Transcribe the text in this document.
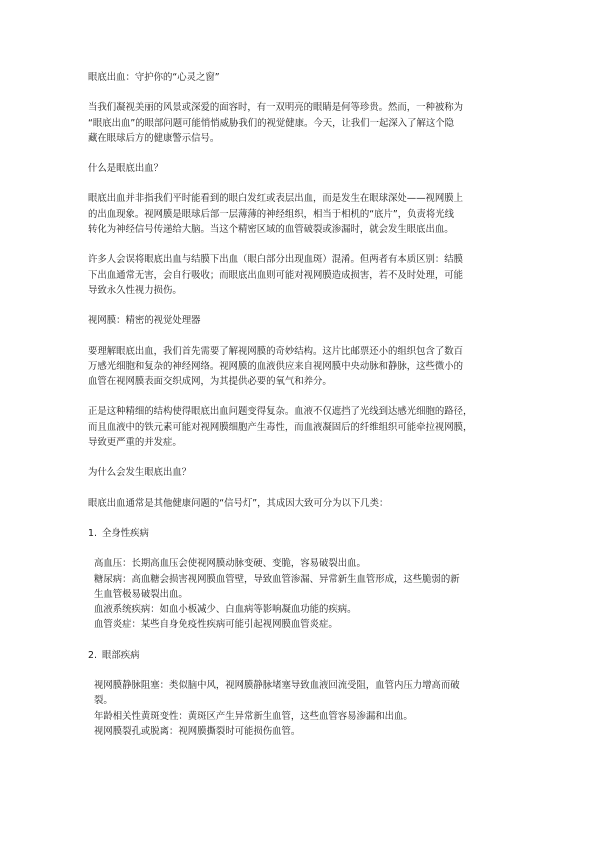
眼底出血：守护你的“心灵之窗”

当我们凝视美丽的风景或深爱的面容时，有一双明亮的眼睛是何等珍贵。然而，一种被称为

“眼底出血”的眼部问题可能悄悄威胁我们的视觉健康。今天，让我们一起深入了解这个隐

藏在眼球后方的健康警示信号。

什么是眼底出血？

眼底出血并非指我们平时能看到的眼白发红或表层出血，而是发生在眼球深处——视网膜上

的出血现象。视网膜是眼球后部一层薄薄的神经组织，相当于相机的“底片”，负责将光线

转化为神经信号传递给大脑。当这个精密区域的血管破裂或渗漏时，就会发生眼底出血。

许多人会误将眼底出血与结膜下出血（眼白部分出现血斑）混淆。但两者有本质区别：结膜

下出血通常无害，会自行吸收；而眼底出血则可能对视网膜造成损害，若不及时处理，可能

导致永久性视力损伤。

视网膜：精密的视觉处理器

要理解眼底出血，我们首先需要了解视网膜的奇妙结构。这片比邮票还小的组织包含了数百

万感光细胞和复杂的神经网络。视网膜的血液供应来自视网膜中央动脉和静脉，这些微小的

血管在视网膜表面交织成网，为其提供必要的氧气和养分。

正是这种精细的结构使得眼底出血问题变得复杂。血液不仅遮挡了光线到达感光细胞的路径，

而且血液中的铁元素可能对视网膜细胞产生毒性，而血液凝固后的纤维组织可能牵拉视网膜，

导致更严重的并发症。

为什么会发生眼底出血？

眼底出血通常是其他健康问题的“信号灯”，其成因大致可分为以下几类：

1. 全身性疾病

高血压：长期高血压会使视网膜动脉变硬、变脆，容易破裂出血。

糖尿病：高血糖会损害视网膜血管壁，导致血管渗漏、异常新生血管形成，这些脆弱的新

生血管极易破裂出血。

血液系统疾病：如血小板减少、白血病等影响凝血功能的疾病。

血管炎症：某些自身免疫性疾病可能引起视网膜血管炎症。

2. 眼部疾病

视网膜静脉阻塞：类似脑中风，视网膜静脉堵塞导致血液回流受阻，血管内压力增高而破

裂。

年龄相关性黄斑变性：黄斑区产生异常新生血管，这些血管容易渗漏和出血。

视网膜裂孔或脱离：视网膜撕裂时可能损伤血管。
